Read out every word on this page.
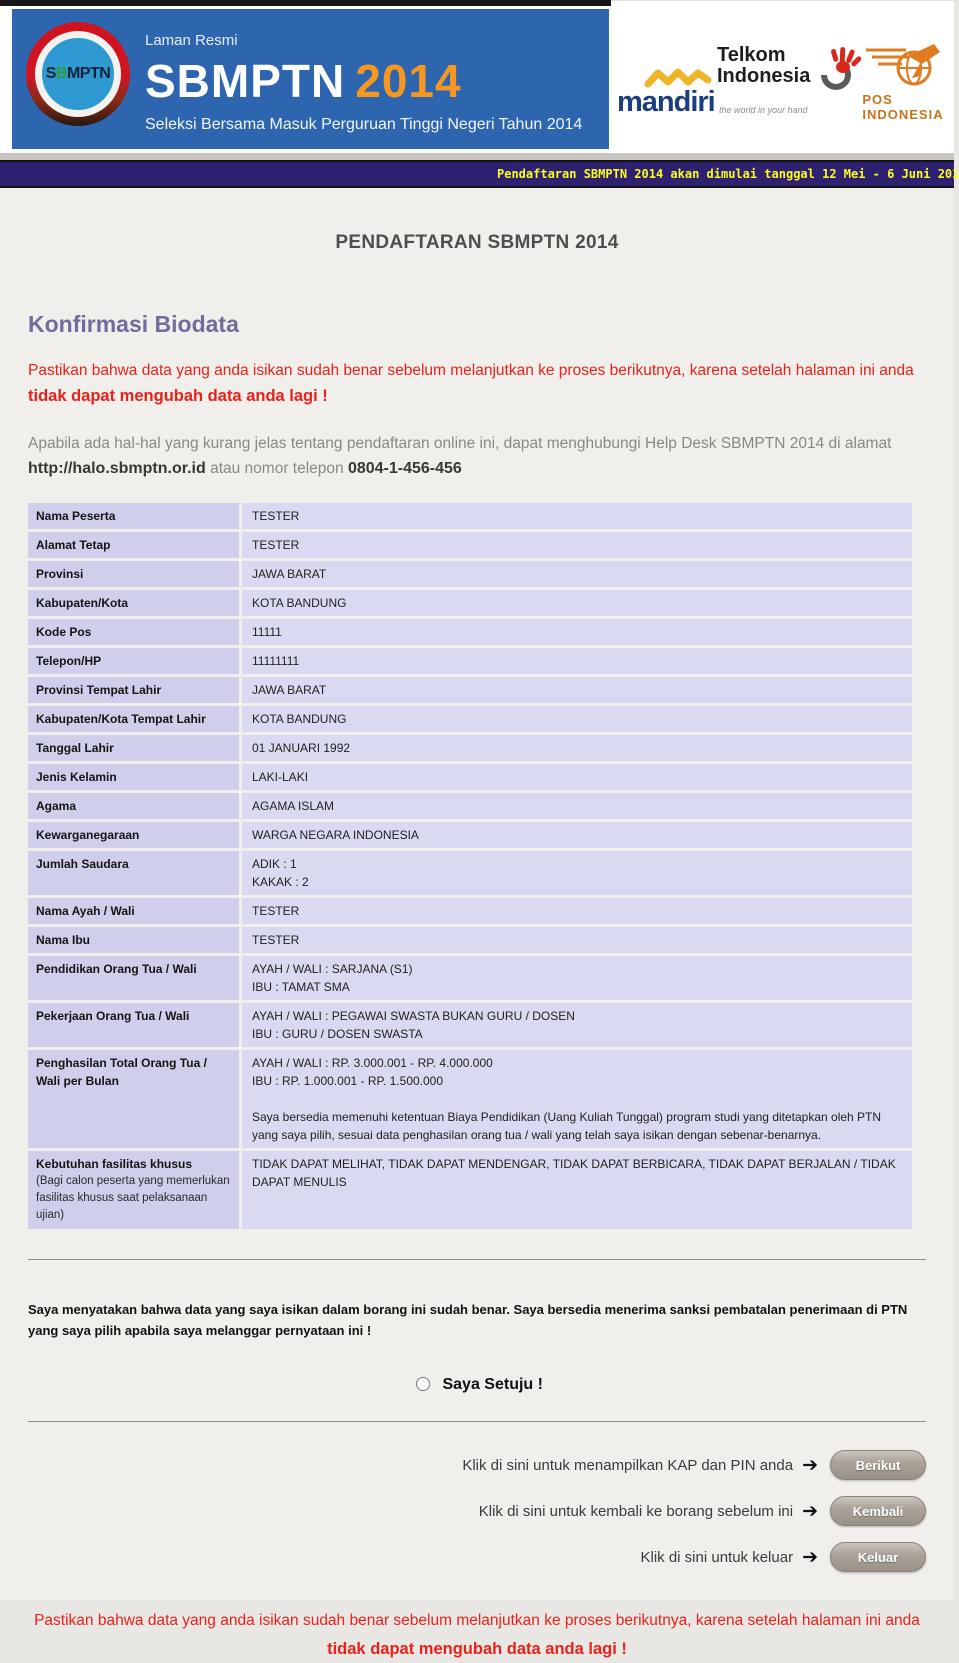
SBMPTN
Laman Resmi
SBMPTN 2014
Seleksi Bersama Masuk Perguruan Tinggi Negeri Tahun 2014
mandiri
Telkom
Indonesia
the world in your hand
POS INDONESIA
Pendaftaran SBMPTN 2014 akan dimulai tanggal 12 Mei - 6 Juni 201
PENDAFTARAN SBMPTN 2014
Konfirmasi Biodata

Pastikan bahwa data yang anda isikan sudah benar sebelum melanjutkan ke proses berikutnya, karena setelah halaman ini anda tidak dapat mengubah data anda lagi !

Apabila ada hal-hal yang kurang jelas tentang pendaftaran online ini, dapat menghubungi Help Desk SBMPTN 2014 di alamat http://halo.sbmptn.or.id atau nomor telepon 0804-1-456-456

Nama Peserta	TESTER

Alamat Tetap	TESTER

Provinsi	JAWA BARAT

Kabupaten/Kota	KOTA BANDUNG

Kode Pos	11111

Telepon/HP	11111111

Provinsi Tempat Lahir	JAWA BARAT

Kabupaten/Kota Tempat Lahir	KOTA BANDUNG

Tanggal Lahir	01 JANUARI 1992

Jenis Kelamin	LAKI-LAKI

Agama	AGAMA ISLAM

Kewarganegaraan	WARGA NEGARA INDONESIA

Jumlah Saudara	ADIK : 1
KAKAK : 2

Nama Ayah / Wali	TESTER

Nama Ibu	TESTER

Pendidikan Orang Tua / Wali	AYAH / WALI : SARJANA (S1)
IBU : TAMAT SMA

Pekerjaan Orang Tua / Wali	AYAH / WALI : PEGAWAI SWASTA BUKAN GURU / DOSEN
IBU : GURU / DOSEN SWASTA

Penghasilan Total Orang Tua / Wali per Bulan	AYAH / WALI : RP. 3.000.001 - RP. 4.000.000
IBU : RP. 1.000.001 - RP. 1.500.000
Saya bersedia memenuhi ketentuan Biaya Pendidikan (Uang Kuliah Tunggal) program studi yang ditetapkan oleh PTN yang saya pilih, sesuai data penghasilan orang tua / wali yang telah saya isikan dengan sebenar-benarnya.

Kebutuhan fasilitas khusus
(Bagi calon peserta yang memerlukan fasilitas khusus saat pelaksanaan ujian)	TIDAK DAPAT MELIHAT, TIDAK DAPAT MENDENGAR, TIDAK DAPAT BERBICARA, TIDAK DAPAT BERJALAN / TIDAK DAPAT MENULIS

Saya menyatakan bahwa data yang saya isikan dalam borang ini sudah benar. Saya bersedia menerima sanksi pembatalan penerimaan di PTN yang saya pilih apabila saya melanggar pernyataan ini !

Saya Setuju !
Klik di sini untuk menampilkan KAP dan PIN anda ➔	Berikut
Klik di sini untuk kembali ke borang sebelum ini ➔	Kembali
Klik di sini untuk keluar ➔	Keluar

Pastikan bahwa data yang anda isikan sudah benar sebelum melanjutkan ke proses berikutnya, karena setelah halaman ini anda tidak dapat mengubah data anda lagi !
